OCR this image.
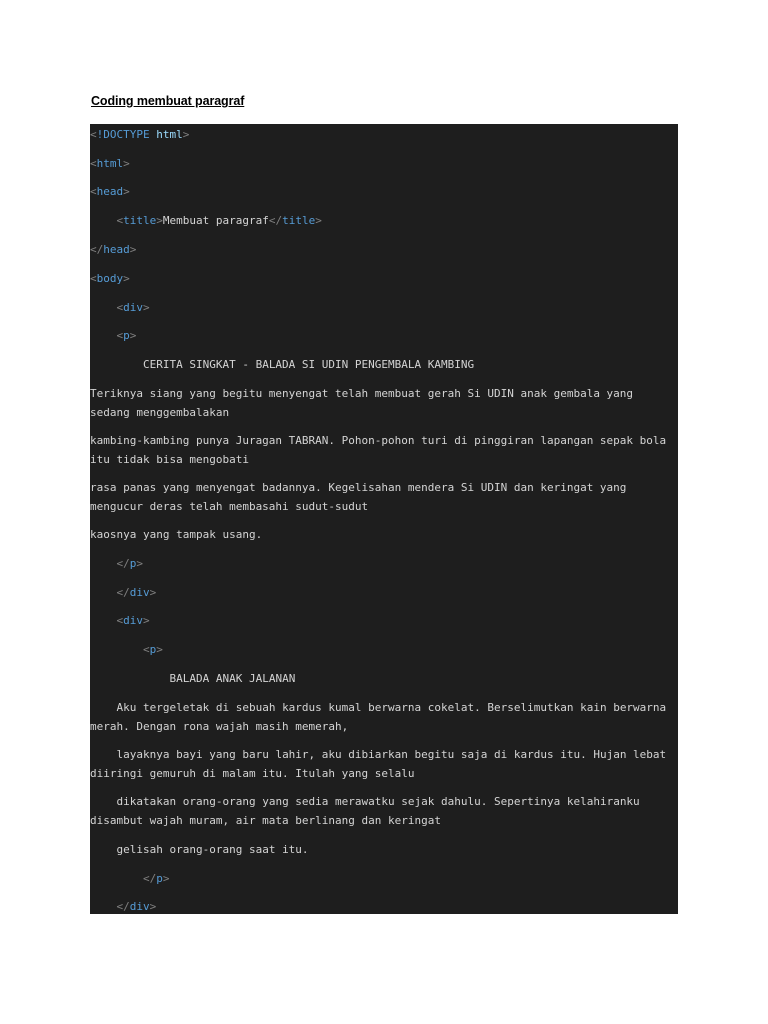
Coding membuat paragraf
<!DOCTYPE html>
<html>
<head>
<title>Membuat paragraf</title>
</head>
<body>
<div>
<p>
CERITA SINGKAT - BALADA SI UDIN PENGEMBALA KAMBING
Teriknya siang yang begitu menyengat telah membuat gerah Si UDIN anak gembala yang sedang menggembalakan
kambing-kambing punya Juragan TABRAN. Pohon-pohon turi di pinggiran lapangan sepak bola itu tidak bisa mengobati
rasa panas yang menyengat badannya. Kegelisahan mendera Si UDIN dan keringat yang mengucur deras telah membasahi sudut-sudut
kaosnya yang tampak usang.
</p>
</div>
<div>
<p>
BALADA ANAK JALANAN
Aku tergeletak di sebuah kardus kumal berwarna cokelat. Berselimutkan kain berwarna merah. Dengan rona wajah masih memerah,
layaknya bayi yang baru lahir, aku dibiarkan begitu saja di kardus itu. Hujan lebat diiringi gemuruh di malam itu. Itulah yang selalu
dikatakan orang-orang yang sedia merawatku sejak dahulu. Sepertinya kelahiranku disambut wajah muram, air mata berlinang dan keringat
gelisah orang-orang saat itu.
</p>
</div>
